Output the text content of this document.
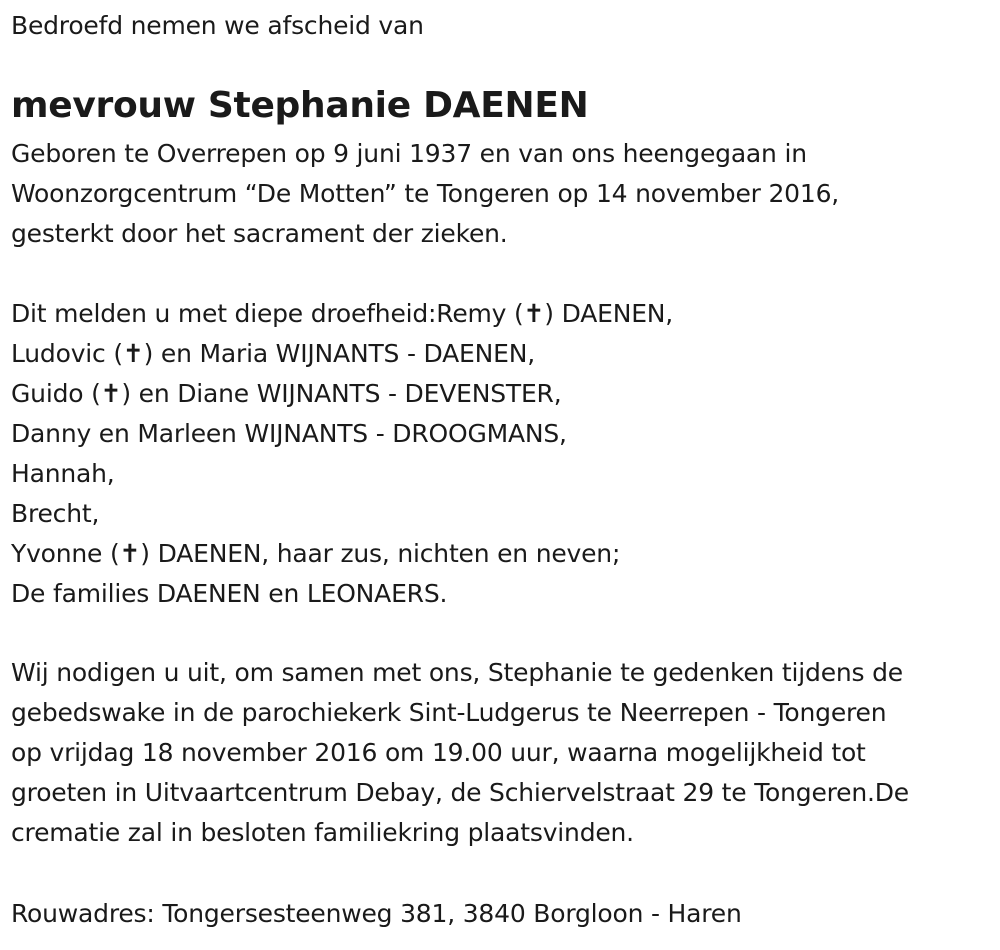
Bedroefd nemen we afscheid van
mevrouw Stephanie DAENEN
Geboren te Overrepen op 9 juni 1937 en van ons heengegaan in
Woonzorgcentrum “De Motten” te Tongeren op 14 november 2016,
gesterkt door het sacrament der zieken.
Dit melden u met diepe droefheid:Remy (✝) DAENEN,
Ludovic (✝) en Maria WIJNANTS - DAENEN,
Guido (✝) en Diane WIJNANTS - DEVENSTER,
Danny en Marleen WIJNANTS - DROOGMANS,
Hannah,
Brecht,
Yvonne (✝) DAENEN, haar zus, nichten en neven;
De families DAENEN en LEONAERS.
Wij nodigen u uit, om samen met ons, Stephanie te gedenken tijdens de
gebedswake in de parochiekerk Sint-Ludgerus te Neerrepen - Tongeren
op vrijdag 18 november 2016 om 19.00 uur, waarna mogelijkheid tot
groeten in Uitvaartcentrum Debay, de Schiervelstraat 29 te Tongeren.De
crematie zal in besloten familiekring plaatsvinden.
Rouwadres: Tongersesteenweg 381, 3840 Borgloon - Haren
